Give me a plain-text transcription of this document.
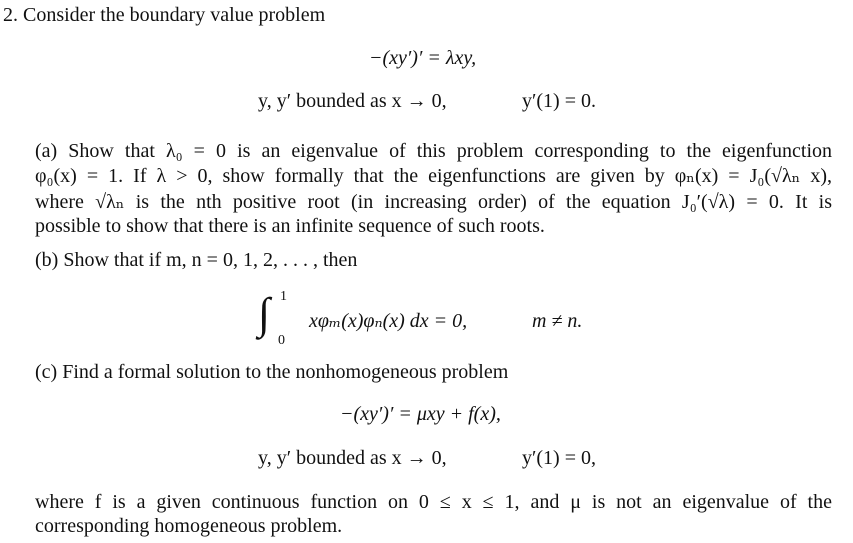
2. Consider the boundary value problem
−(xy′)′ = λxy,
y, y′ bounded as x → 0,	y′(1) = 0.
(a) Show that λ₀ = 0 is an eigenvalue of this problem corresponding to the eigenfunction
φ₀(x) = 1. If λ > 0, show formally that the eigenfunctions are given by φₙ(x) = J₀(√λₙ x),
where √λₙ is the nth positive root (in increasing order) of the equation J₀′(√λ) = 0. It is
possible to show that there is an infinite sequence of such roots.
(b) Show that if m, n = 0, 1, 2, . . . , then
∫ 1
0
xφₘ(x)φₙ(x) dx = 0,	m ≠ n.
(c) Find a formal solution to the nonhomogeneous problem
−(xy′)′ = μxy + f(x),
y, y′ bounded as x → 0,	y′(1) = 0,
where f is a given continuous function on 0 ≤ x ≤ 1, and μ is not an eigenvalue of the
corresponding homogeneous problem.
